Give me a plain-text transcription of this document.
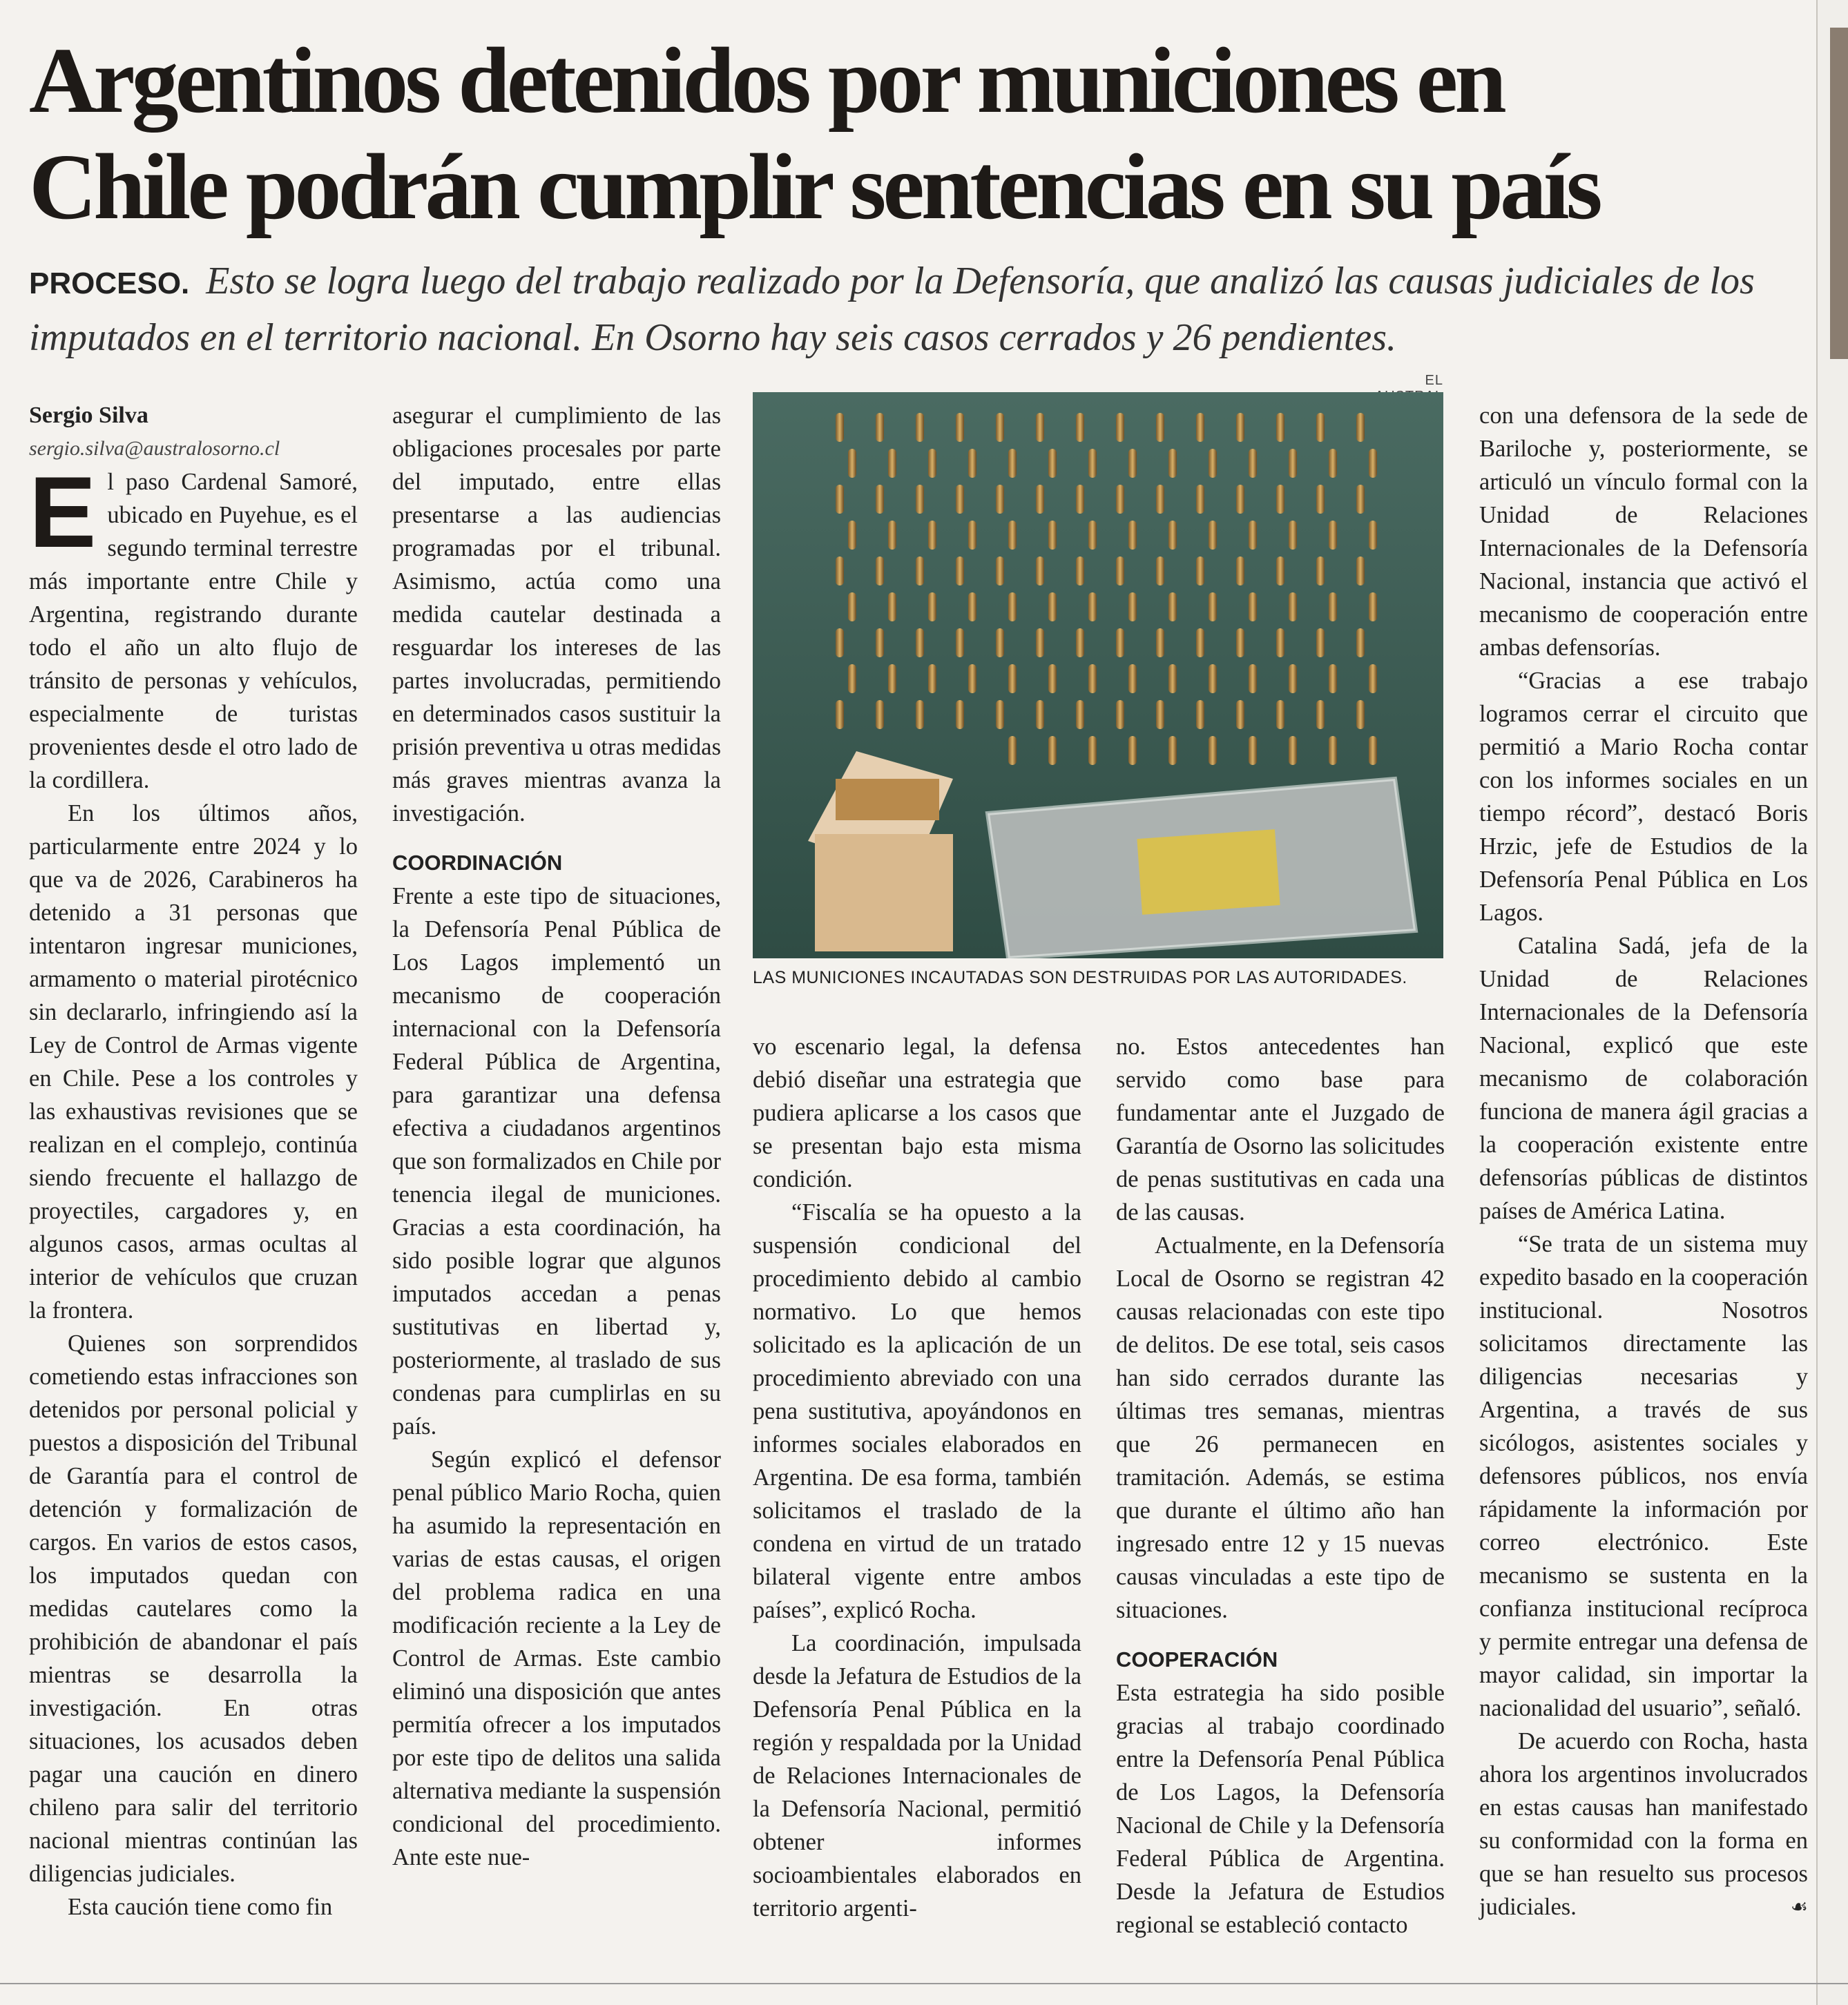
Argentinos detenidos por municiones en
Chile podrán cumplir sentencias en su país
PROCESO. Esto se logra luego del trabajo realizado por la Defensoría, que analizó las causas judiciales de los imputados en el territorio nacional. En Osorno hay seis casos cerrados y 26 pendientes.

Sergio Silva

sergio.silva@australosorno.cl

El paso Cardenal Samoré, ubicado en Puyehue, es el segundo terminal terrestre más importante entre Chile y Argentina, registrando durante todo el año un alto flujo de tránsito de personas y vehículos, especialmente de turistas provenientes desde el otro lado de la cordillera.

En los últimos años, particularmente entre 2024 y lo que va de 2026, Carabineros ha detenido a 31 personas que intentaron ingresar municiones, armamento o material pirotécnico sin declararlo, infringiendo así la Ley de Control de Armas vigente en Chile. Pese a los controles y las exhaustivas revisiones que se realizan en el complejo, continúa siendo frecuente el hallazgo de proyectiles, cargadores y, en algunos casos, armas ocultas al interior de vehículos que cruzan la frontera.

Quienes son sorprendidos cometiendo estas infracciones son detenidos por personal policial y puestos a disposición del Tribunal de Garantía para el control de detención y formalización de cargos. En varios de estos casos, los imputados quedan con medidas cautelares como la prohibición de abandonar el país mientras se desarrolla la investigación. En otras situaciones, los acusados deben pagar una caución en dinero chileno para salir del territorio nacional mientras continúan las diligencias judiciales.

Esta caución tiene como fin

asegurar el cumplimiento de las obligaciones procesales por parte del imputado, entre ellas presentarse a las audiencias programadas por el tribunal. Asimismo, actúa como una medida cautelar destinada a resguardar los intereses de las partes involucradas, permitiendo en determinados casos sustituir la prisión preventiva u otras medidas más graves mientras avanza la investigación.

COORDINACIÓN

Frente a este tipo de situaciones, la Defensoría Penal Pública de Los Lagos implementó un mecanismo de cooperación internacional con la Defensoría Federal Pública de Argentina, para garantizar una defensa efectiva a ciudadanos argentinos que son formalizados en Chile por tenencia ilegal de municiones. Gracias a esta coordinación, ha sido posible lograr que algunos imputados accedan a penas sustitutivas en libertad y, posteriormente, al traslado de sus condenas para cumplirlas en su país.

Según explicó el defensor penal público Mario Rocha, quien ha asumido la representación en varias de estas causas, el origen del problema radica en una modificación reciente a la Ley de Control de Armas. Este cambio eliminó una disposición que antes permitía ofrecer a los imputados por este tipo de delitos una salida alternativa mediante la suspensión condicional del procedimiento. Ante este nue-

EL
LAS MUNICIONES INCAUTADAS SON DESTRUIDAS POR LAS AUTORIDADES.

vo escenario legal, la defensa debió diseñar una estrategia que pudiera aplicarse a los casos que se presentan bajo esta misma condición.

“Fiscalía se ha opuesto a la suspensión condicional del procedimiento debido al cambio normativo. Lo que hemos solicitado es la aplicación de un procedimiento abreviado con una pena sustitutiva, apoyándonos en informes sociales elaborados en Argentina. De esa forma, también solicitamos el traslado de la condena en virtud de un tratado bilateral vigente entre ambos países”, explicó Rocha.

La coordinación, impulsada desde la Jefatura de Estudios de la Defensoría Penal Pública en la región y respaldada por la Unidad de Relaciones Internacionales de la Defensoría Nacional, permitió obtener informes socioambientales elaborados en territorio argenti-

no. Estos antecedentes han servido como base para fundamentar ante el Juzgado de Garantía de Osorno las solicitudes de penas sustitutivas en cada una de las causas.

Actualmente, en la Defensoría Local de Osorno se registran 42 causas relacionadas con este tipo de delitos. De ese total, seis casos han sido cerrados durante las últimas tres semanas, mientras que 26 permanecen en tramitación. Además, se estima que durante el último año han ingresado entre 12 y 15 nuevas causas vinculadas a este tipo de situaciones.

COOPERACIÓN

Esta estrategia ha sido posible gracias al trabajo coordinado entre la Defensoría Penal Pública de Los Lagos, la Defensoría Nacional de Chile y la Defensoría Federal Pública de Argentina. Desde la Jefatura de Estudios regional se estableció contacto

con una defensora de la sede de Bariloche y, posteriormente, se articuló un vínculo formal con la Unidad de Relaciones Internacionales de la Defensoría Nacional, instancia que activó el mecanismo de cooperación entre ambas defensorías.

“Gracias a ese trabajo logramos cerrar el circuito que permitió a Mario Rocha contar con los informes sociales en un tiempo récord”, destacó Boris Hrzic, jefe de Estudios de la Defensoría Penal Pública en Los Lagos.

Catalina Sadá, jefa de la Unidad de Relaciones Internacionales de la Defensoría Nacional, explicó que este mecanismo de colaboración funciona de manera ágil gracias a la cooperación existente entre defensorías públicas de distintos países de América Latina.

“Se trata de un sistema muy expedito basado en la cooperación institucional. Nosotros solicitamos directamente las diligencias necesarias y Argentina, a través de sus sicólogos, asistentes sociales y defensores públicos, nos envía rápidamente la información por correo electrónico. Este mecanismo se sustenta en la confianza institucional recíproca y permite entregar una defensa de mayor calidad, sin importar la nacionalidad del usuario”, señaló.

De acuerdo con Rocha, hasta ahora los argentinos involucrados en estas causas han manifestado su conformidad con la forma en que se han resuelto sus procesos judiciales.	☙
